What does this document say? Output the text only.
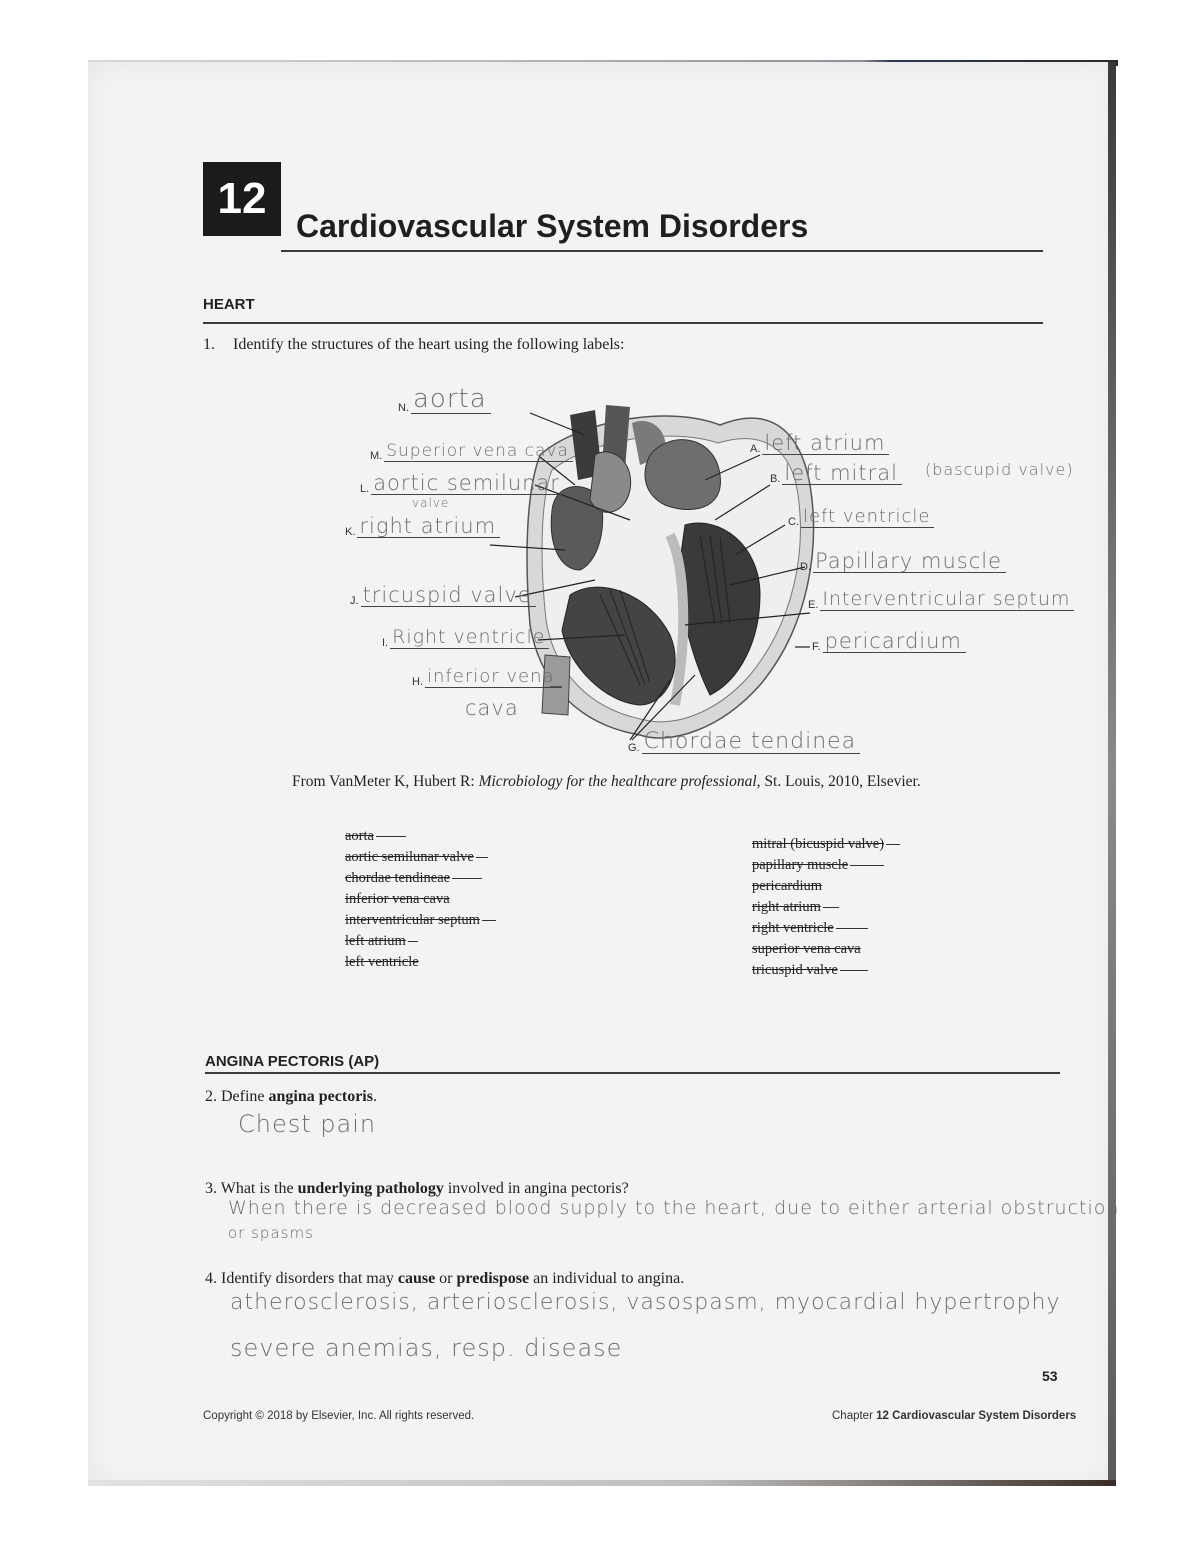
12
Cardiovascular System Disorders
HEART
1. Identify the structures of the heart using the following labels:
N. aorta
M. Superior vena cava
L. aortic semilunar
valve
K. right atrium
J. tricuspid valve
I. Right ventricle
H. inferior vena
cava
G. Chordae tendinea
A. left atrium
B. left mitral (bascupid valve)
C. left ventricle
D. Papillary muscle
E. Interventricular septum
F. pericardium
From VanMeter K, Hubert R: Microbiology for the healthcare professional, St. Louis, 2010, Elsevier.
aorta
aortic semilunar valve
chordae tendineae
inferior vena cava
interventricular septum
left atrium
left ventricle
mitral (bicuspid valve)
papillary muscle
pericardium
right atrium
right ventricle
superior vena cava
tricuspid valve
ANGINA PECTORIS (AP)
2. Define angina pectoris.
Chest pain
3. What is the underlying pathology involved in angina pectoris?
When there is decreased blood supply to the heart, due to either arterial obstruction
or spasms
4. Identify disorders that may cause or predispose an individual to angina.
atherosclerosis, arteriosclerosis, vasospasm, myocardial hypertrophy
severe anemias, resp. disease
53
Copyright © 2018 by Elsevier, Inc. All rights reserved.	Chapter 12 Cardiovascular System Disorders
